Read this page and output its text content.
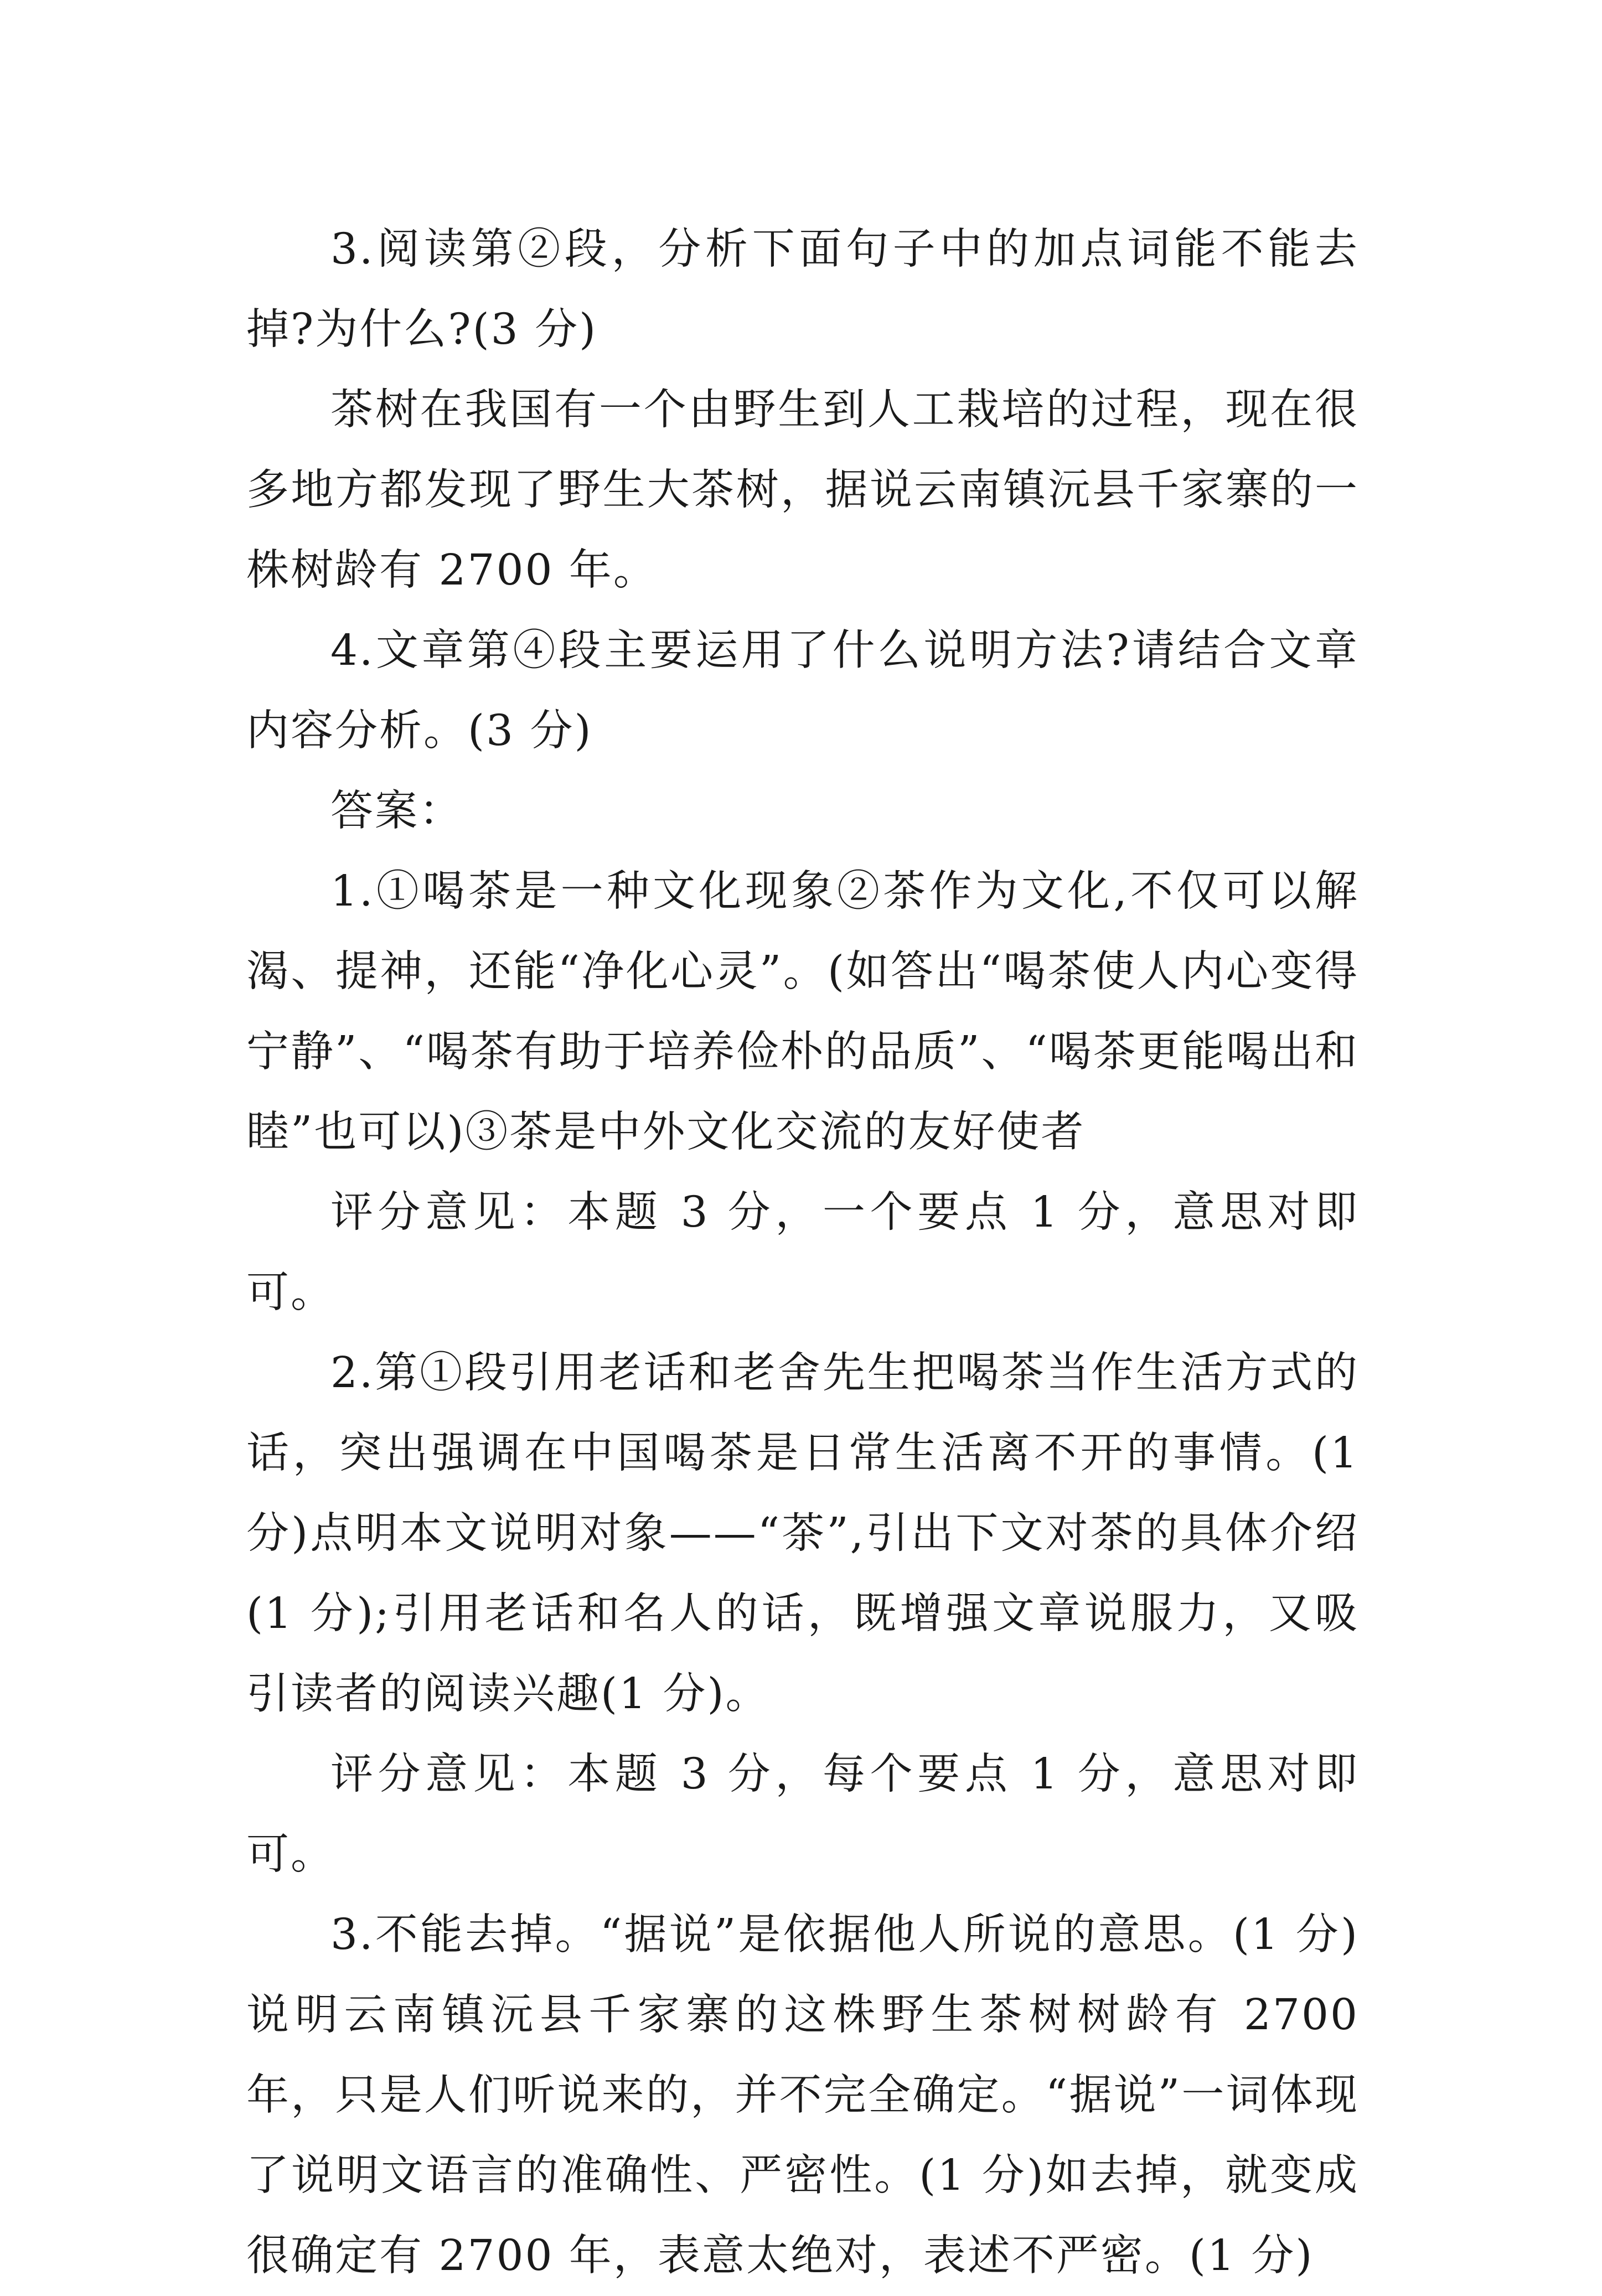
3.阅读第②段，分析下面句子中的加点词能不能去掉?为什么?(3 分)

茶树在我国有一个由野生到人工栽培的过程，现在很多地方都发现了野生大茶树，据说云南镇沅县千家寨的一株树龄有 2700 年。

4.文章第④段主要运用了什么说明方法?请结合文章内容分析。(3 分)

答案：

1.①喝茶是一种文化现象②茶作为文化,不仅可以解渴、提神，还能“净化心灵”。(如答出“喝茶使人内心变得宁静”、“喝茶有助于培养俭朴的品质”、“喝茶更能喝出和睦”也可以)③茶是中外文化交流的友好使者

评分意见：本题 3 分，一个要点 1 分，意思对即可。

2.第①段引用老话和老舍先生把喝茶当作生活方式的话，突出强调在中国喝茶是日常生活离不开的事情。(1 分)点明本文说明对象——“茶”,引出下文对茶的具体介绍(1 分);引用老话和名人的话，既增强文章说服力，又吸引读者的阅读兴趣(1 分)。

评分意见：本题 3 分，每个要点 1 分，意思对即可。

3.不能去掉。“据说”是依据他人所说的意思。(1 分)说明云南镇沅县千家寨的这株野生茶树树龄有 2700 年，只是人们听说来的，并不完全确定。“据说”一词体现了说明文语言的准确性、严密性。(1 分)如去掉，就变成很确定有 2700 年，表意太绝对，表述不严密。(1 分)
